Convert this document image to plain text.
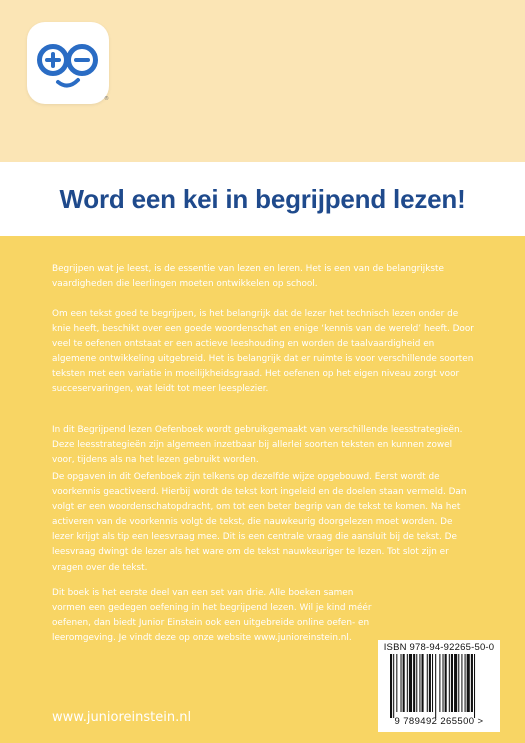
®
Word een kei in begrijpend lezen!

Begrijpen wat je leest, is de essentie van lezen en leren. Het is een van de belangrijkste vaardigheden die leerlingen moeten ontwikkelen op school.

Om een tekst goed te begrijpen, is het belangrijk dat de lezer het technisch lezen onder de knie heeft, beschikt over een goede woordenschat en enige ‘kennis van de wereld’ heeft. Door veel te oefenen ontstaat er een actieve leeshouding en worden de taalvaardigheid en algemene ontwikkeling uitgebreid. Het is belangrijk dat er ruimte is voor verschillende soorten teksten met een variatie in moeilijkheidsgraad. Het oefenen op het eigen niveau zorgt voor succeservaringen, wat leidt tot meer leesplezier.

In dit Begrijpend lezen Oefenboek wordt gebruikgemaakt van verschillende leesstrategieën. Deze leesstrategieën zijn algemeen inzetbaar bij allerlei soorten teksten en kunnen zowel voor, tijdens als na het lezen gebruikt worden.

De opgaven in dit Oefenboek zijn telkens op dezelfde wijze opgebouwd. Eerst wordt de voorkennis geactiveerd. Hierbij wordt de tekst kort ingeleid en de doelen staan vermeld. Dan volgt er een woordenschatopdracht, om tot een beter begrip van de tekst te komen. Na het activeren van de voorkennis volgt de tekst, die nauwkeurig doorgelezen moet worden. De lezer krijgt als tip een leesvraag mee. Dit is een centrale vraag die aansluit bij de tekst. De leesvraag dwingt de lezer als het ware om de tekst nauwkeuriger te lezen. Tot slot zijn er vragen over de tekst.

Dit boek is het eerste deel van een set van drie. Alle boeken samen vormen een gedegen oefening in het begrijpend lezen. Wil je kind méér oefenen, dan biedt Junior Einstein ook een uitgebreide online oefen- en leeromgeving. Je vindt deze op onze website www.junioreinstein.nl.

www.junioreinstein.nl
ISBN 978-94-92265-50-0
9 789492 265500 >
